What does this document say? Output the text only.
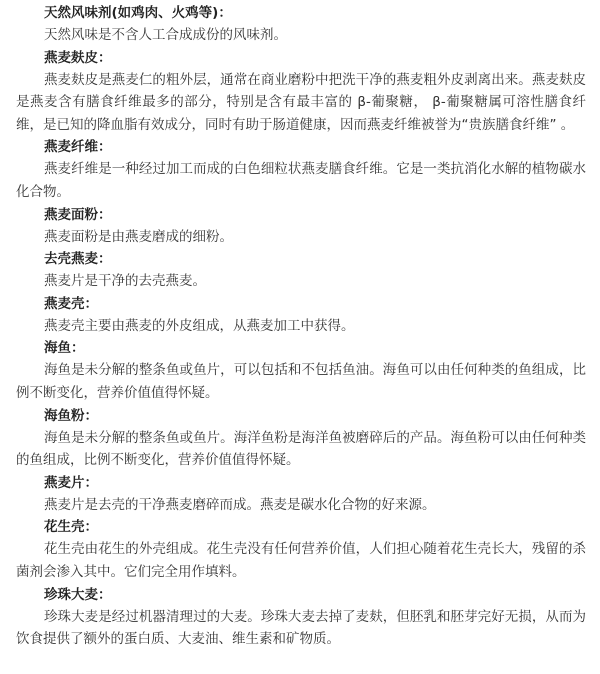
天然风味剂(如鸡肉、火鸡等)：

天然风味是不含人工合成成份的风味剂。

燕麦麸皮：

燕麦麸皮是燕麦仁的粗外层，通常在商业磨粉中把洗干净的燕麦粗外皮剥离出来。燕麦麸皮是燕麦含有膳食纤维最多的部分，特别是含有最丰富的 β-葡聚糖， β-葡聚糖属可溶性膳食纤维，是已知的降血脂有效成分，同时有助于肠道健康，因而燕麦纤维被誉为“贵族膳食纤维” 。

燕麦纤维：

燕麦纤维是一种经过加工而成的白色细粒状燕麦膳食纤维。它是一类抗消化水解的植物碳水化合物。

燕麦面粉：

燕麦面粉是由燕麦磨成的细粉。

去壳燕麦：

燕麦片是干净的去壳燕麦。

燕麦壳：

燕麦壳主要由燕麦的外皮组成，从燕麦加工中获得。

海鱼：

海鱼是未分解的整条鱼或鱼片，可以包括和不包括鱼油。海鱼可以由任何种类的鱼组成，比例不断变化，营养价值值得怀疑。

海鱼粉：

海鱼是未分解的整条鱼或鱼片。海洋鱼粉是海洋鱼被磨碎后的产品。海鱼粉可以由任何种类的鱼组成，比例不断变化，营养价值值得怀疑。

燕麦片：

燕麦片是去壳的干净燕麦磨碎而成。燕麦是碳水化合物的好来源。

花生壳：

花生壳由花生的外壳组成。花生壳没有任何营养价值，人们担心随着花生壳长大，残留的杀菌剂会渗入其中。它们完全用作填料。

珍珠大麦：

珍珠大麦是经过机器清理过的大麦。珍珠大麦去掉了麦麸，但胚乳和胚芽完好无损，从而为饮食提供了额外的蛋白质、大麦油、维生素和矿物质。
